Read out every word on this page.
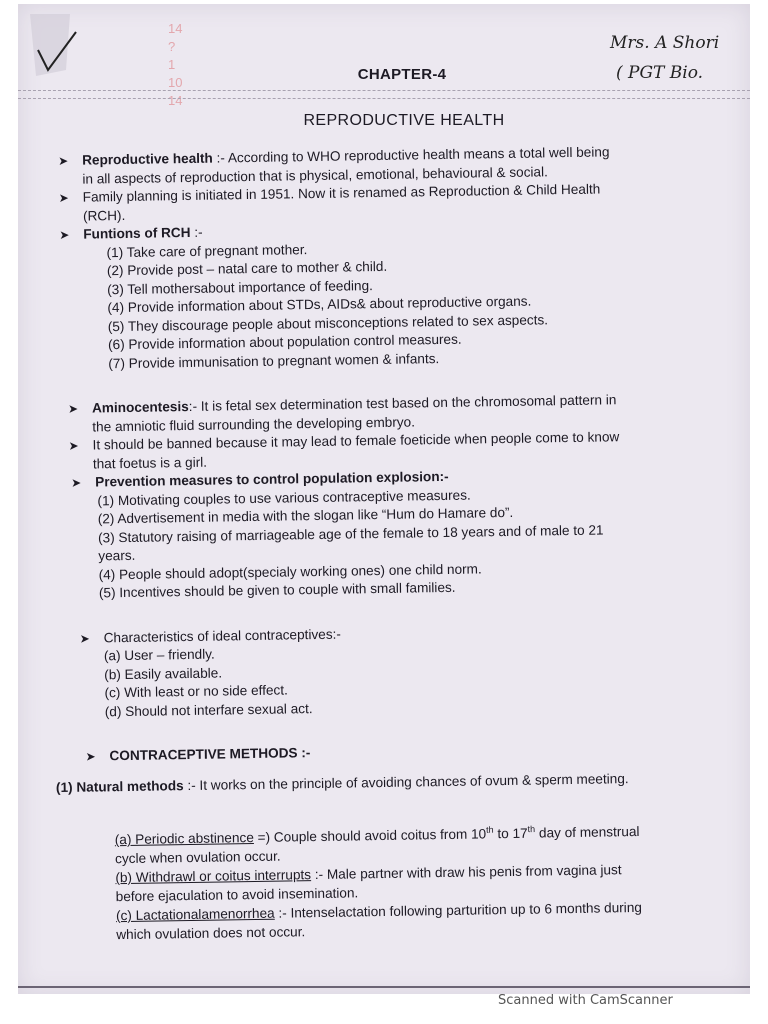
14
?
1
10
14
Mrs. A Shori
( PGT Bio.
CHAPTER-4
REPRODUCTIVE HEALTH
➤	Reproductive health :- According to WHO reproductive health means a total well being
in all aspects of reproduction that is physical, emotional, behavioural & social.
➤	Family planning is initiated in 1951. Now it is renamed as Reproduction & Child Health
(RCH).
➤	Funtions of RCH :-
(1) Take care of pregnant mother.
(2) Provide post – natal care to mother & child.
(3) Tell mothersabout importance of feeding.
(4) Provide information about STDs, AIDs& about reproductive organs.
(5) They discourage people about misconceptions related to sex aspects.
(6) Provide information about population control measures.
(7) Provide immunisation to pregnant women & infants.
➤	Aminocentesis:- It is fetal sex determination test based on the chromosomal pattern in
the amniotic fluid surrounding the developing embryo.
➤	It should be banned because it may lead to female foeticide when people come to know
that foetus is a girl.
➤	Prevention measures to control population explosion:-
(1) Motivating couples to use various contraceptive measures.
(2) Advertisement in media with the slogan like “Hum do Hamare do”.
(3) Statutory raising of marriageable age of the female to 18 years and of male to 21
years.
(4) People should adopt(specialy working ones) one child norm.
(5) Incentives should be given to couple with small families.
➤	Characteristics of ideal contraceptives:-
(a) User – friendly.
(b) Easily available.
(c) With least or no side effect.
(d) Should not interfare sexual act.
➤	CONTRACEPTIVE METHODS :-
(1) Natural methods :- It works on the principle of avoiding chances of ovum & sperm meeting.
(a) Periodic abstinence =) Couple should avoid coitus from 10th to 17th day of menstrual
cycle when ovulation occur.
(b) Withdrawl or coitus interrupts :- Male partner with draw his penis from vagina just
before ejaculation to avoid insemination.
(c) Lactationalamenorrhea :- Intenselactation following parturition up to 6 months during
which ovulation does not occur.
Scanned with CamScanner
